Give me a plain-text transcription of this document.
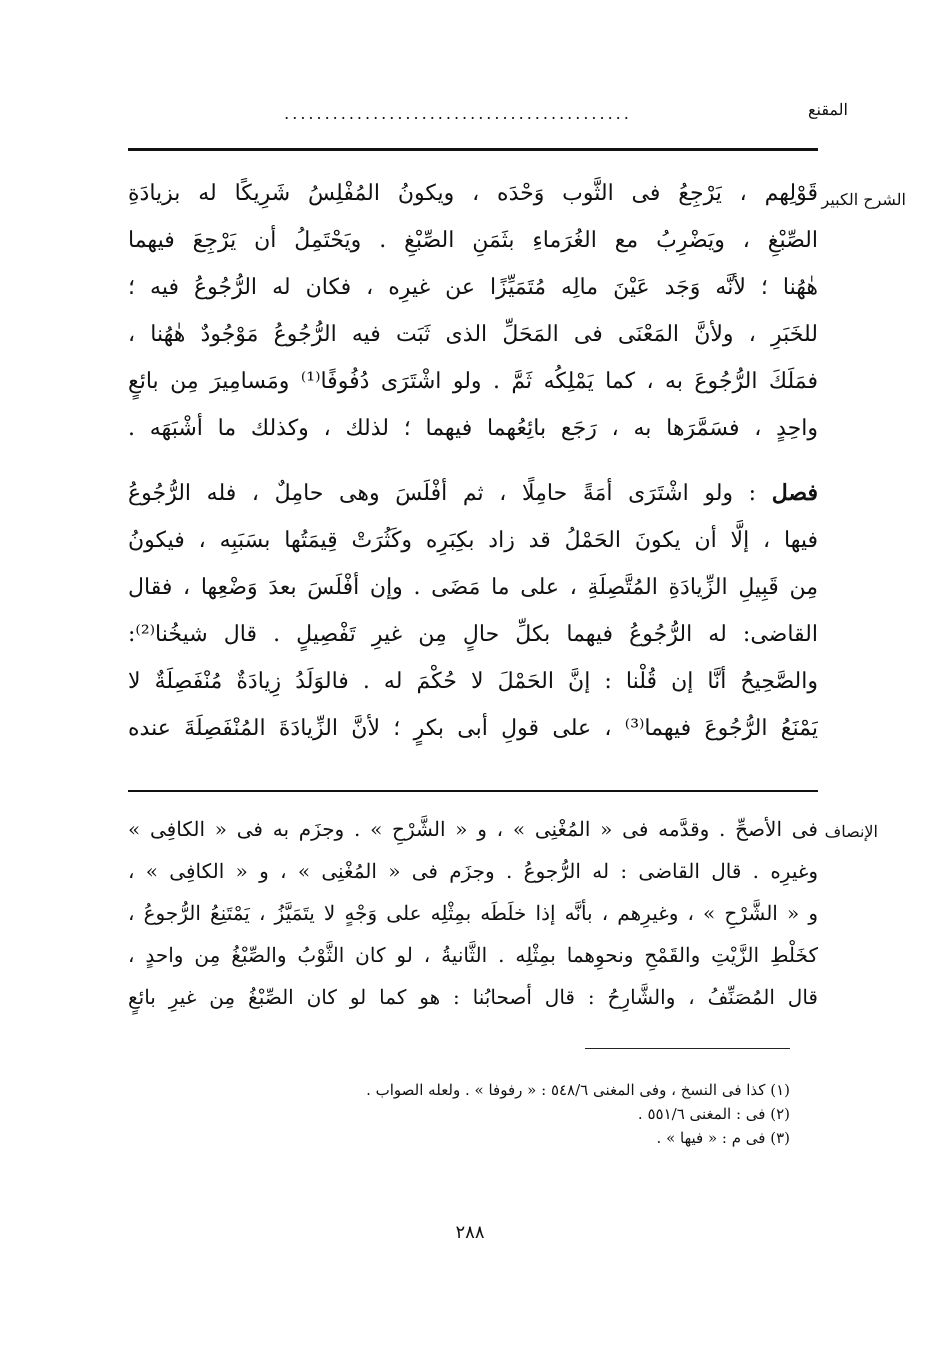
المقنع
...........................................
الشرح الكبير
قَوْلِهم ، يَرْجِعُ فى الثَّوب وَحْدَه ، ويكونُ المُفْلِسُ شَرِيكًا له بزيادَةِ
الصِّبْغِ ، ويَضْرِبُ مع الغُرَماءِ بثَمَنِ الصِّبْغِ . ويَحْتَمِلُ أن يَرْجِعَ فيهما
هٰهُنا ؛ لأنَّه وَجَد عَيْنَ مالِه مُتَمَيِّزًا عن غيرِه ، فكان له الرُّجُوعُ فيه ؛
للخَبَرِ ، ولأنَّ المَعْنَى فى المَحَلِّ الذى ثَبَت فيه الرُّجُوعُ مَوْجُودٌ هٰهُنا ،
فمَلَكَ الرُّجُوعَ به ، كما يَمْلِكُه ثَمَّ . ولو اشْتَرَى دُفُوفًا⁽¹⁾ ومَسامِيرَ مِن بائعٍ
واحِدٍ ، فسَمَّرَها به ، رَجَع بائِعُهما فيهما ؛ لذلك ، وكذلك ما أشْبَهَه .
فصل : ولو اشْتَرَى أمَةً حامِلًا ، ثم أفْلَسَ وهى حامِلٌ ، فله الرُّجُوعُ
فيها ، إلَّا أن يكونَ الحَمْلُ قد زاد بكِبَرِه وكَثُرَتْ قِيمَتُها بسَبَبِه ، فيكونُ
مِن قَبِيلِ الزِّيادَةِ المُتَّصِلَةِ ، على ما مَضَى . وإن أفْلَسَ بعدَ وَضْعِها ، فقال
القاضى: له الرُّجُوعُ فيهما بكلِّ حالٍ مِن غيرِ تَفْصِيلٍ . قال شيخُنا⁽²⁾:
والصَّحِيحُ أنَّا إن قُلْنا : إنَّ الحَمْلَ لا حُكْمَ له . فالوَلَدُ زِيادَةٌ مُنْفَصِلَةٌ لا
يَمْنَعُ الرُّجُوعَ فيهما⁽³⁾ ، على قولِ أبى بكرٍ ؛ لأنَّ الزِّيادَةَ المُنْفَصِلَةَ عنده
الإنصاف
فى الأصحِّ . وقدَّمه فى « المُغْنِى » ، و « الشَّرْحِ » . وجزَم به فى « الكافِى »
وغيرِه . قال القاضى : له الرُّجوعُ . وجزَم فى « المُغْنِى » ، و « الكافِى » ،
و « الشَّرْحِ » ، وغيرِهم ، بأنَّه إذا خلَطَه بمِثْلِه على وَجْهٍ لا يتَمَيَّزُ ، يَمْتَنِعُ الرُّجوعُ ،
كخَلْطِ الزَّيْتِ والقَمْحِ ونحوِهما بمِثْلِه . الثَّانيةُ ، لو كان الثَّوْبُ والصِّبْغُ مِن واحدٍ ،
قال المُصَنِّفُ ، والشَّارِحُ : قال أصحابُنا : هو كما لو كان الصِّبْغُ مِن غيرِ بائعٍ
(١) كذا فى النسخ ، وفى المغنى ٥٤٨/٦ : « رفوفا » . ولعله الصواب .
(٢) فى : المغنى ٥٥١/٦ .
(٣) فى م : « فيها » .
٢٨٨
